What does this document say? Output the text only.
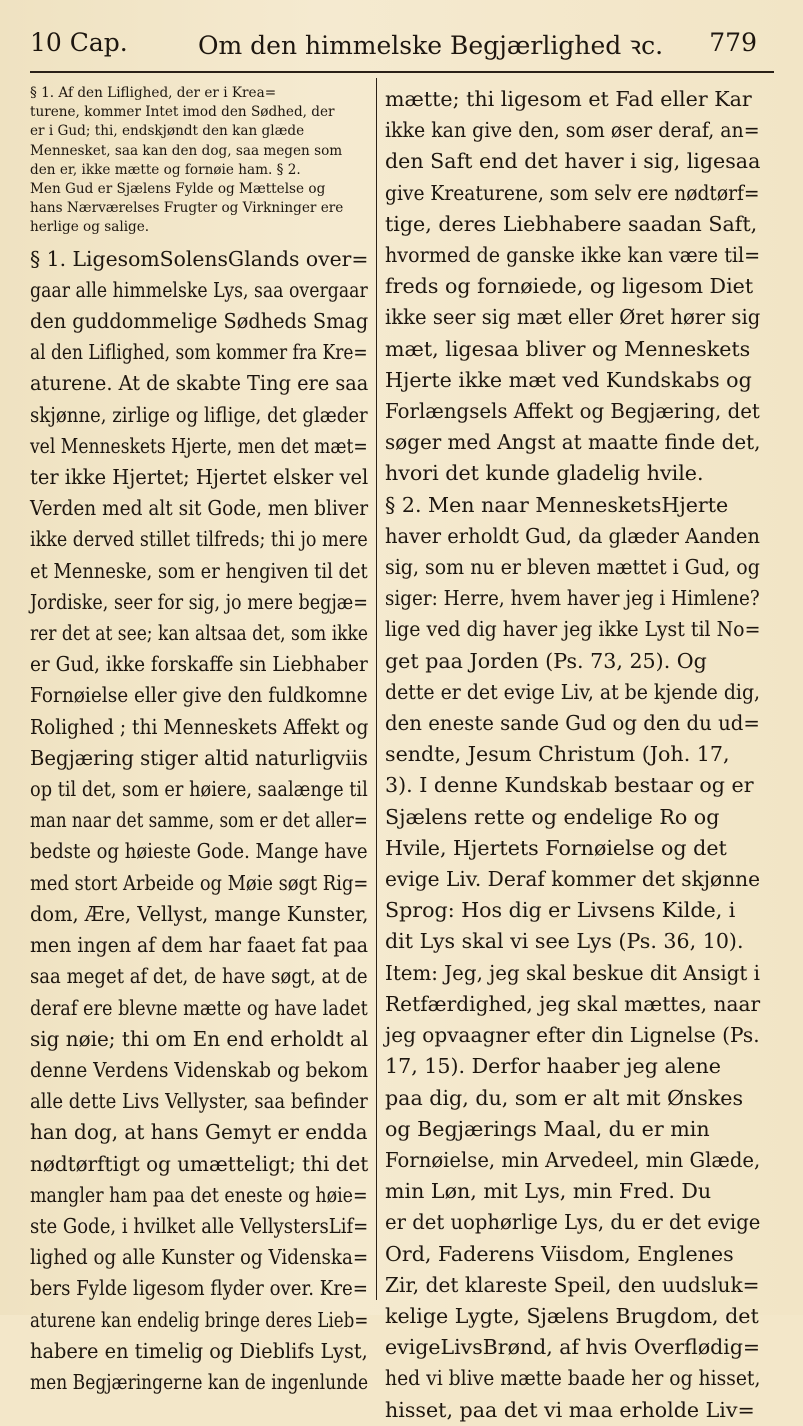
10 Cap.	Om den himmelske Begjærlighed ꝛc. 779
§ 1. Af den Liflighed, der er i Krea=
turene, kommer Intet imod den Sødhed, der
er i Gud; thi, endskjøndt den kan glæde
Mennesket, saa kan den dog, saa megen som
den er, ikke mætte og fornøie ham. § 2.
Men Gud er Sjælens Fylde og Mættelse og
hans Nærværelses Frugter og Virkninger ere
herlige og salige.
§ 1. LigesomSolensGlands over=
gaar alle himmelske Lys, saa overgaar
den guddommelige Sødheds Smag
al den Liflighed, som kommer fra Kre=
aturene. At de skabte Ting ere saa
skjønne, zirlige og liflige, det glæder
vel Menneskets Hjerte, men det mæt=
ter ikke Hjertet; Hjertet elsker vel
Verden med alt sit Gode, men bliver
ikke derved stillet tilfreds; thi jo mere
et Menneske, som er hengiven til det
Jordiske, seer for sig, jo mere begjæ=
rer det at see; kan altsaa det, som ikke
er Gud, ikke forskaffe sin Liebhaber
Fornøielse eller give den fuldkomne
Rolighed ; thi Menneskets Affekt og
Begjæring stiger altid naturligviis
op til det, som er høiere, saalænge til
man naar det samme, som er det aller=
bedste og høieste Gode. Mange have
med stort Arbeide og Møie søgt Rig=
dom, Ære, Vellyst, mange Kunster,
men ingen af dem har faaet fat paa
saa meget af det, de have søgt, at de
deraf ere blevne mætte og have ladet
sig nøie; thi om En end erholdt al
denne Verdens Videnskab og bekom
alle dette Livs Vellyster, saa befinder
han dog, at hans Gemyt er endda
nødtørftigt og umætteligt; thi det
mangler ham paa det eneste og høie=
ste Gode, i hvilket alle VellystersLif=
lighed og alle Kunster og Videnska=
bers Fylde ligesom flyder over. Kre=
aturene kan endelig bringe deres Lieb=
habere en timelig og Dieblifs Lyst,
men Begjæringerne kan de ingenlunde
mætte; thi ligesom et Fad eller Kar
ikke kan give den, som øser deraf, an=
den Saft end det haver i sig, ligesaa
give Kreaturene, som selv ere nødtørf=
tige, deres Liebhabere saadan Saft,
hvormed de ganske ikke kan være til=
freds og fornøiede, og ligesom Diet
ikke seer sig mæt eller Øret hører sig
mæt, ligesaa bliver og Menneskets
Hjerte ikke mæt ved Kundskabs og
Forlængsels Affekt og Begjæring, det
søger med Angst at maatte finde det,
hvori det kunde gladelig hvile.
§ 2. Men naar MennesketsHjerte
haver erholdt Gud, da glæder Aanden
sig, som nu er bleven mættet i Gud, og
siger: Herre, hvem haver jeg i Himlene?
lige ved dig haver jeg ikke Lyst til No=
get paa Jorden (Ps. 73, 25). Og
dette er det evige Liv, at be kjende dig,
den eneste sande Gud og den du ud=
sendte, Jesum Christum (Joh. 17,
3). I denne Kundskab bestaar og er
Sjælens rette og endelige Ro og
Hvile, Hjertets Fornøielse og det
evige Liv. Deraf kommer det skjønne
Sprog: Hos dig er Livsens Kilde, i
dit Lys skal vi see Lys (Ps. 36, 10).
Item: Jeg, jeg skal beskue dit Ansigt i
Retfærdighed, jeg skal mættes, naar
jeg opvaagner efter din Lignelse (Ps.
17, 15). Derfor haaber jeg alene
paa dig, du, som er alt mit Ønskes
og Begjærings Maal, du er min
Fornøielse, min Arvedeel, min Glæde,
min Løn, mit Lys, min Fred. Du
er det uophørlige Lys, du er det evige
Ord, Faderens Viisdom, Englenes
Zir, det klareste Speil, den uudsluk=
kelige Lygte, Sjælens Brugdom, det
evigeLivsBrønd, af hvis Overflødig=
hed vi blive mætte baade her og hisset,
hisset, paa det vi maa erholde Liv=
